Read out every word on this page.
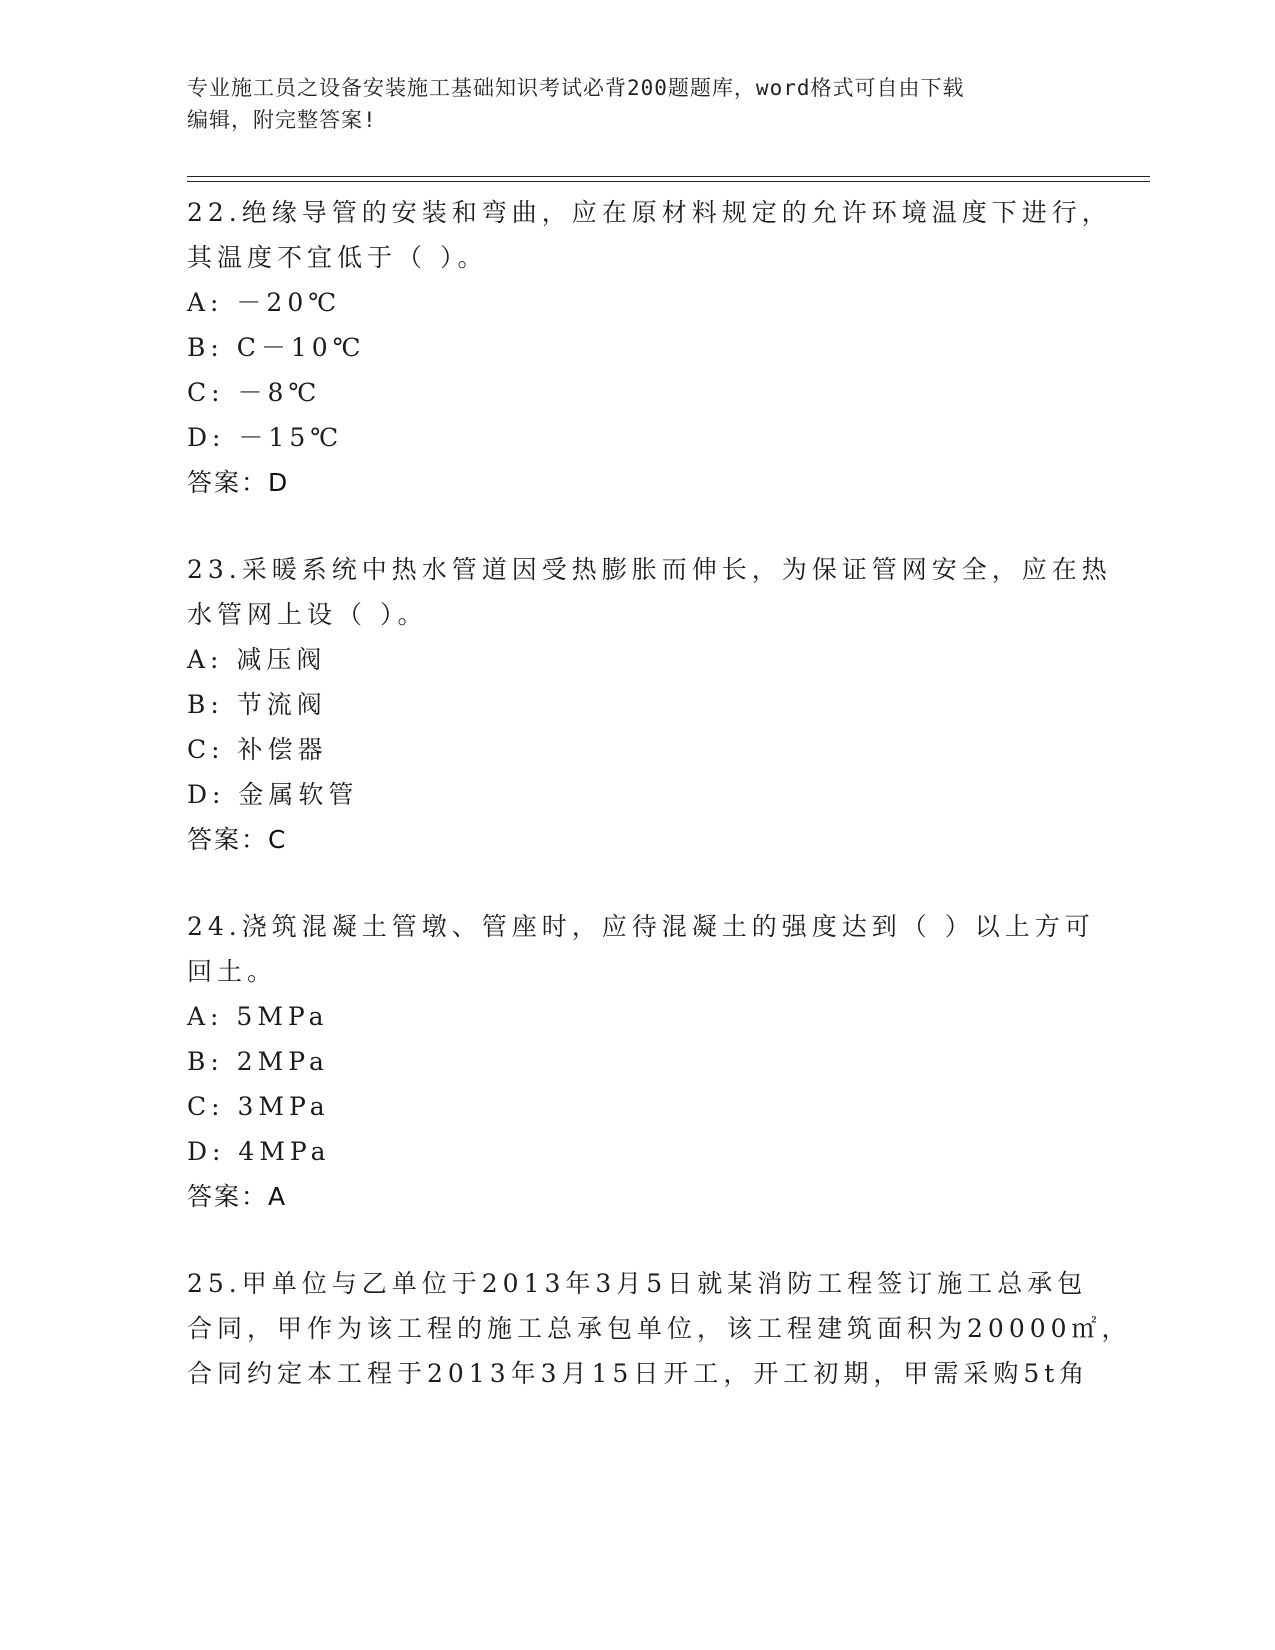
专业施工员之设备安装施工基础知识考试必背200题题库，word格式可自由下载
编辑，附完整答案!
22.绝缘导管的安装和弯曲，应在原材料规定的允许环境温度下进行，
其温度不宜低于（ ）。
A: －20℃
B: C－10℃
C: －8℃
D: －15℃
答案：D
23.采暖系统中热水管道因受热膨胀而伸长，为保证管网安全，应在热
水管网上设（ ）。
A: 减压阀
B: 节流阀
C: 补偿器
D: 金属软管
答案：C
24.浇筑混凝土管墩、管座时，应待混凝土的强度达到（ ）以上方可
回土。
A: 5MPa
B: 2MPa
C: 3MPa
D: 4MPa
答案：A
25.甲单位与乙单位于2013年3月5日就某消防工程签订施工总承包
合同，甲作为该工程的施工总承包单位，该工程建筑面积为20000㎡，
合同约定本工程于2013年3月15日开工，开工初期，甲需采购5t角
